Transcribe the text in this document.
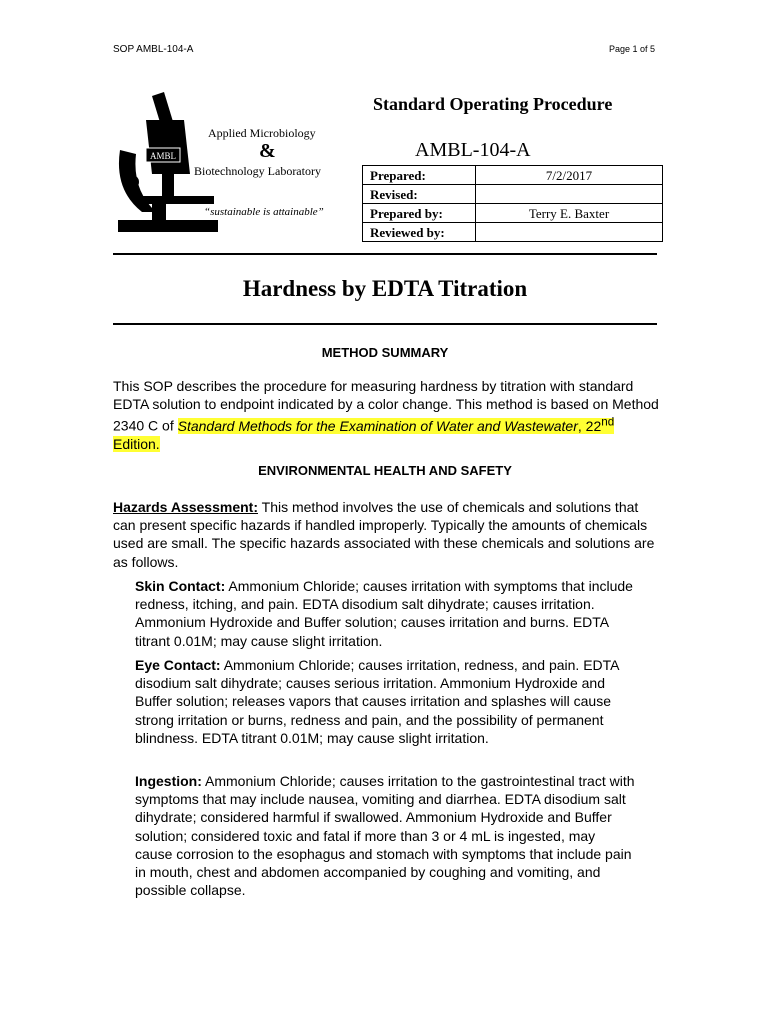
SOP AMBL-104-A	Page 1 of 5
AMBL
Applied Microbiology
&
Biotechnology Laboratory
“sustainable is attainable”
Standard Operating Procedure
AMBL-104-A
Prepared:	7/2/2017
Revised:	
Prepared by:	Terry E. Baxter
Reviewed by:	
Hardness by EDTA Titration
METHOD SUMMARY

This SOP describes the procedure for measuring hardness by titration with standard EDTA solution to endpoint indicated by a color change. This method is based on Method 2340 C of Standard Methods for the Examination of Water and Wastewater, 22nd Edition.

ENVIRONMENTAL HEALTH AND SAFETY

Hazards Assessment: This method involves the use of chemicals and solutions that can present specific hazards if handled improperly. Typically the amounts of chemicals used are small. The specific hazards associated with these chemicals and solutions are as follows.

Skin Contact: Ammonium Chloride; causes irritation with symptoms that include redness, itching, and pain. EDTA disodium salt dihydrate; causes irritation. Ammonium Hydroxide and Buffer solution; causes irritation and burns. EDTA titrant 0.01M; may cause slight irritation.

Eye Contact: Ammonium Chloride; causes irritation, redness, and pain. EDTA disodium salt dihydrate; causes serious irritation. Ammonium Hydroxide and Buffer solution; releases vapors that causes irritation and splashes will cause strong irritation or burns, redness and pain, and the possibility of permanent blindness. EDTA titrant 0.01M; may cause slight irritation.

Ingestion: Ammonium Chloride; causes irritation to the gastrointestinal tract with symptoms that may include nausea, vomiting and diarrhea. EDTA disodium salt dihydrate; considered harmful if swallowed. Ammonium Hydroxide and Buffer solution; considered toxic and fatal if more than 3 or 4 mL is ingested, may cause corrosion to the esophagus and stomach with symptoms that include pain in mouth, chest and abdomen accompanied by coughing and vomiting, and possible collapse.
